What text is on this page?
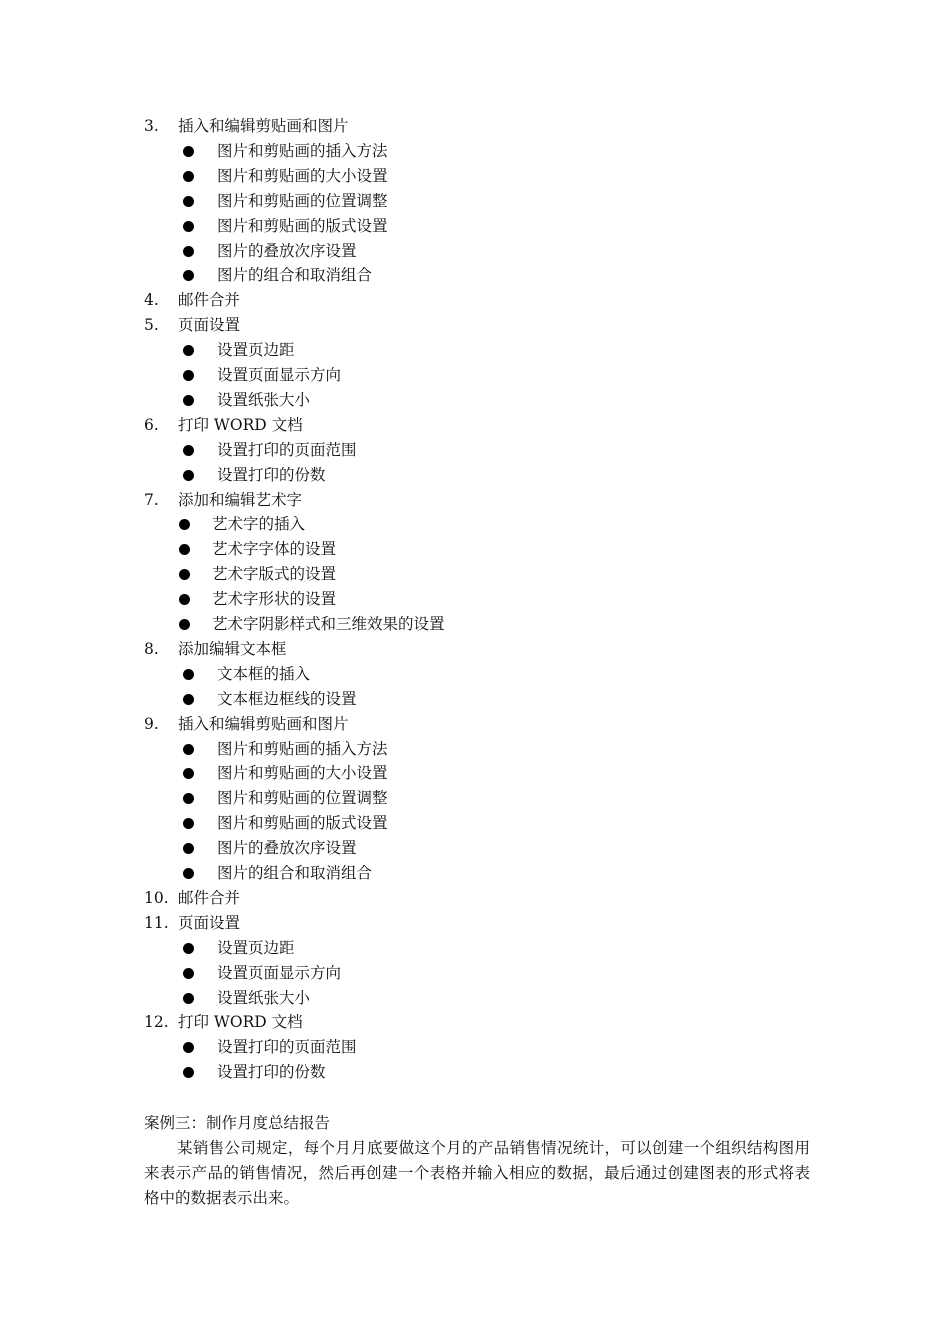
3. 插入和编辑剪贴画和图片
图片和剪贴画的插入方法
图片和剪贴画的大小设置
图片和剪贴画的位置调整
图片和剪贴画的版式设置
图片的叠放次序设置
图片的组合和取消组合
4. 邮件合并
5. 页面设置
设置页边距
设置页面显示方向
设置纸张大小
6. 打印 WORD 文档
设置打印的页面范围
设置打印的份数
7. 添加和编辑艺术字
艺术字的插入
艺术字字体的设置
艺术字版式的设置
艺术字形状的设置
艺术字阴影样式和三维效果的设置
8. 添加编辑文本框
文本框的插入
文本框边框线的设置
9. 插入和编辑剪贴画和图片
图片和剪贴画的插入方法
图片和剪贴画的大小设置
图片和剪贴画的位置调整
图片和剪贴画的版式设置
图片的叠放次序设置
图片的组合和取消组合
10. 邮件合并
11. 页面设置
设置页边距
设置页面显示方向
设置纸张大小
12. 打印 WORD 文档
设置打印的页面范围
设置打印的份数
案例三：制作月度总结报告
某销售公司规定，每个月月底要做这个月的产品销售情况统计，可以创建一个组织结构图用来表示产品的销售情况，然后再创建一个表格并输入相应的数据，最后通过创建图表的形式将表格中的数据表示出来。
